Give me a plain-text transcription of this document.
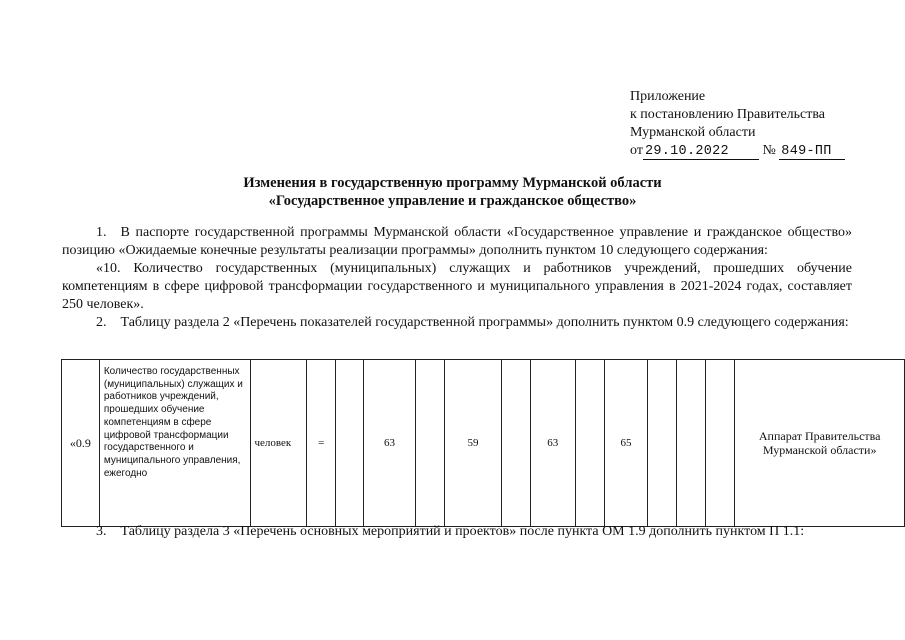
Приложение
к постановлению Правительства
Мурманской области
от 29.10.2022 № 849-ПП
Изменения в государственную программу Мурманской области
«Государственное управление и гражданское общество»

1. В паспорте государственной программы Мурманской области «Государственное управление и гражданское общество» позицию «Ожидаемые конечные результаты реализации программы» дополнить пунктом 10 следующего содержания:

«10. Количество государственных (муниципальных) служащих и работников учреждений, прошедших обучение компетенциям в сфере цифровой трансформации государственного и муниципального управления в 2021-2024 годах, составляет 250 человек».

2. Таблицу раздела 2 «Перечень показателей государственной программы» дополнить пунктом 0.9 следующего содержания:

«0.9	Количество государственных (муниципальных) служащих и работников учреждений, прошедших обучение компетенциям в сфере цифровой трансформации государственного и муниципального управления, ежегодно	человек	=		63		59		63		65				Аппарат Правительства Мурманской области»

3. Таблицу раздела 3 «Перечень основных мероприятий и проектов» после пункта ОМ 1.9 дополнить пунктом П 1.1:
